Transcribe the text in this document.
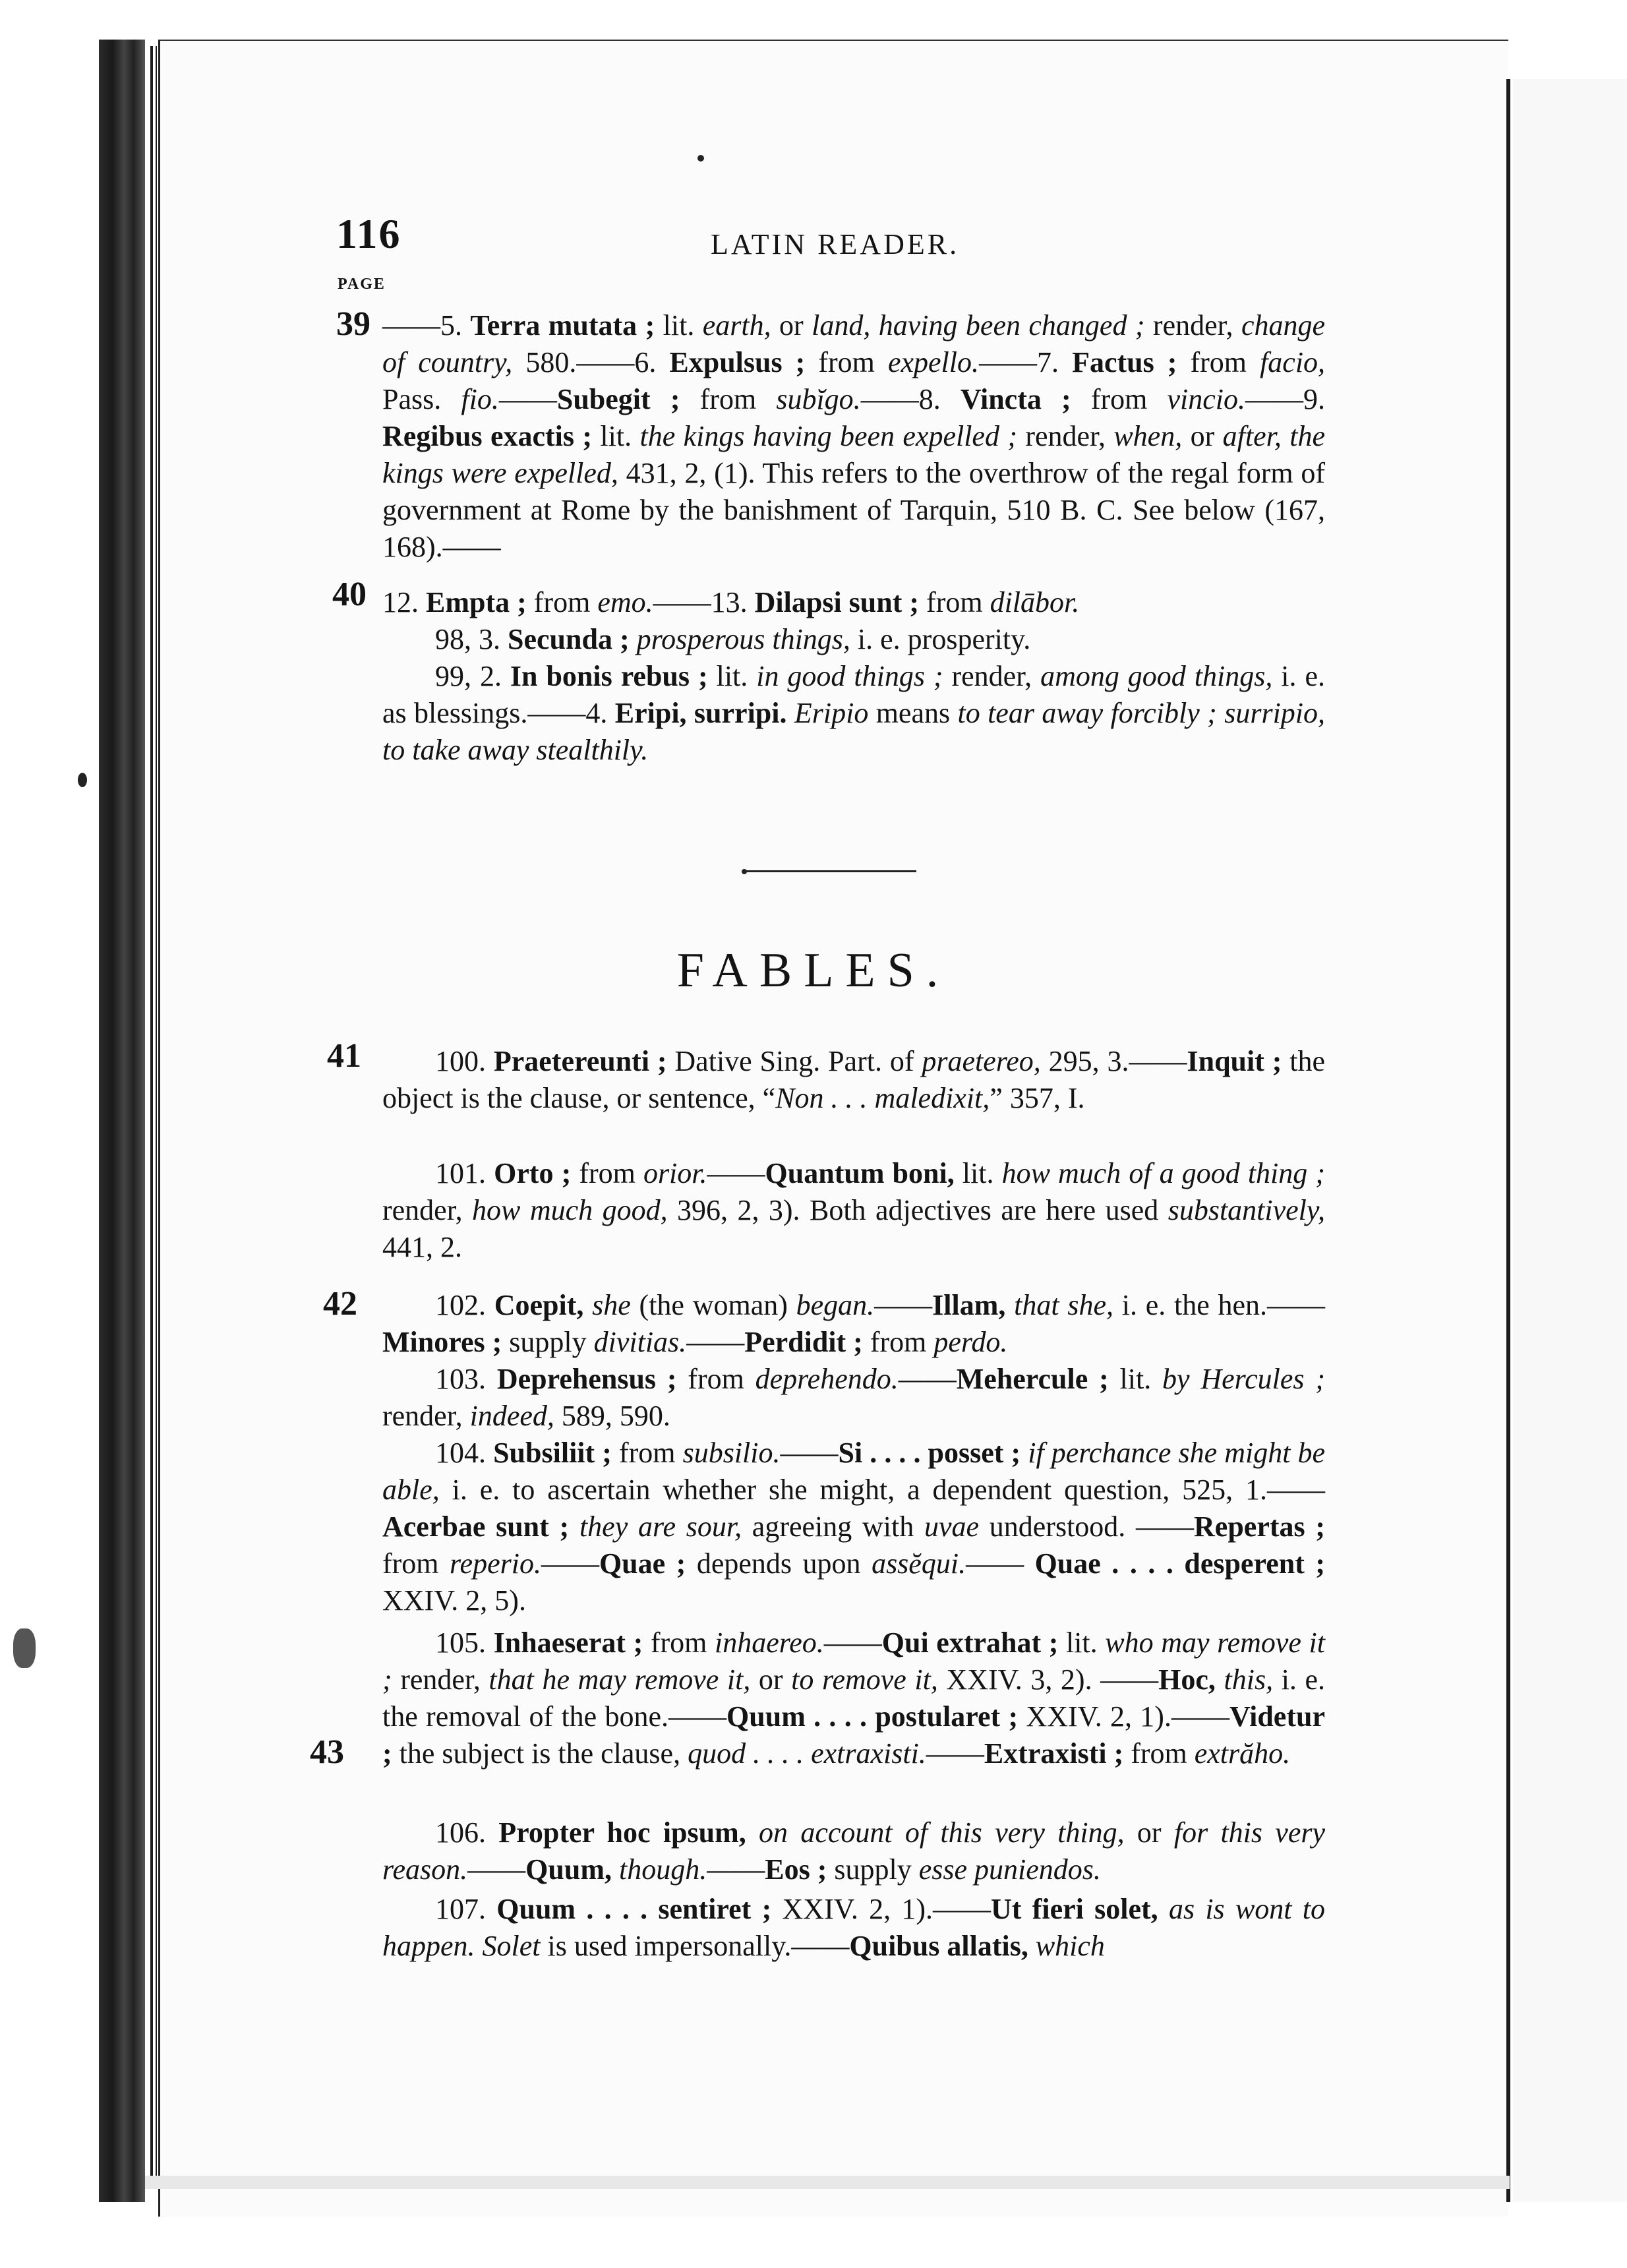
116	LATIN READER.
PAGE
39
40
41
42
43

——5. Terra mutata ; lit. earth, or land, having been changed ; render, change of country, 580.——6. Expulsus ; from expello.——7. Factus ; from facio, Pass. fio.——Subegit ; from subĭgo.——8. Vincta ; from vincio.——9. Regibus exactis ; lit. the kings having been expelled ; render, when, or after, the kings were expelled, 431, 2, (1). This refers to the overthrow of the regal form of government at Rome by the banishment of Tarquin, 510 B. C. See below (167, 168).——

12. Empta ; from emo.——13. Dilapsi sunt ; from dilābor.

98, 3. Secunda ; prosperous things, i. e. prosperity.

99, 2. In bonis rebus ; lit. in good things ; render, among good things, i. e. as blessings.——4. Eripi, surripi. Eripio means to tear away forcibly ; surripio, to take away stealthily.

FABLES.

100. Praetereunti ; Dative Sing. Part. of praetereo, 295, 3.——Inquit ; the object is the clause, or sentence, “Non . . . maledixit,” 357, I.

101. Orto ; from orior.——Quantum boni, lit. how much of a good thing ; render, how much good, 396, 2, 3). Both adjectives are here used substantively, 441, 2.

102. Coepit, she (the woman) began.——Illam, that she, i. e. the hen.——Minores ; supply divitias.——Perdidit ; from perdo.

103. Deprehensus ; from deprehendo.——Mehercule ; lit. by Hercules ; render, indeed, 589, 590.

104. Subsiliit ; from subsilio.——Si . . . . posset ; if perchance she might be able, i. e. to ascertain whether she might, a dependent question, 525, 1.——Acerbae sunt ; they are sour, agreeing with uvae understood. ——Repertas ; from reperio.——Quae ; depends upon assĕqui.—— Quae . . . . desperent ; XXIV. 2, 5).

105. Inhaeserat ; from inhaereo.——Qui extrahat ; lit. who may remove it ; render, that he may remove it, or to remove it, XXIV. 3, 2). ——Hoc, this, i. e. the removal of the bone.——Quum . . . . postularet ; XXIV. 2, 1).——Videtur ; the subject is the clause, quod . . . . extraxisti.——Extraxisti ; from extrăho.

106. Propter hoc ipsum, on account of this very thing, or for this very reason.——Quum, though.——Eos ; supply esse puniendos.

107. Quum . . . . sentiret ; XXIV. 2, 1).——Ut fieri solet, as is wont to happen. Solet is used impersonally.——Quibus allatis, which
